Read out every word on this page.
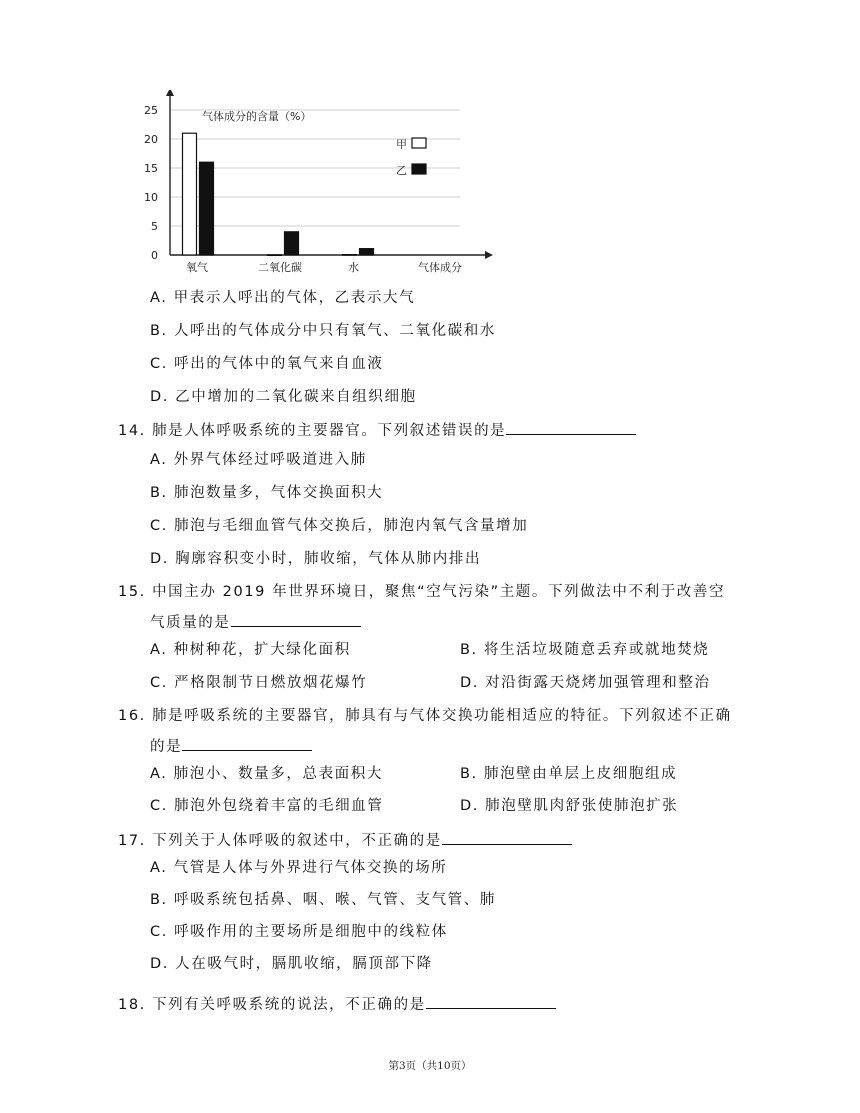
0
5
10
15
20
25
氧气	二氧化碳	水
气体成分的含量（%）
气体成分
甲
乙
A. 甲表示人呼出的气体，乙表示大气
B. 人呼出的气体成分中只有氧气、二氧化碳和水
C. 呼出的气体中的氧气来自血液
D. 乙中增加的二氧化碳来自组织细胞
14. 肺是人体呼吸系统的主要器官。下列叙述错误的是
A. 外界气体经过呼吸道进入肺
B. 肺泡数量多，气体交换面积大
C. 肺泡与毛细血管气体交换后，肺泡内氧气含量增加
D. 胸廓容积变小时，肺收缩，气体从肺内排出
15. 中国主办 2019 年世界环境日，聚焦“空气污染”主题。下列做法中不利于改善空
气质量的是
A. 种树种花，扩大绿化面积	B. 将生活垃圾随意丢弃或就地焚烧
C. 严格限制节日燃放烟花爆竹	D. 对沿街露天烧烤加强管理和整治
16. 肺是呼吸系统的主要器官，肺具有与气体交换功能相适应的特征。下列叙述不正确
的是
A. 肺泡小、数量多，总表面积大	B. 肺泡壁由单层上皮细胞组成
C. 肺泡外包绕着丰富的毛细血管	D. 肺泡壁肌肉舒张使肺泡扩张
17. 下列关于人体呼吸的叙述中，不正确的是
A. 气管是人体与外界进行气体交换的场所
B. 呼吸系统包括鼻、咽、喉、气管、支气管、肺
C. 呼吸作用的主要场所是细胞中的线粒体
D. 人在吸气时，膈肌收缩，膈顶部下降
18. 下列有关呼吸系统的说法，不正确的是
第3页（共10页）
